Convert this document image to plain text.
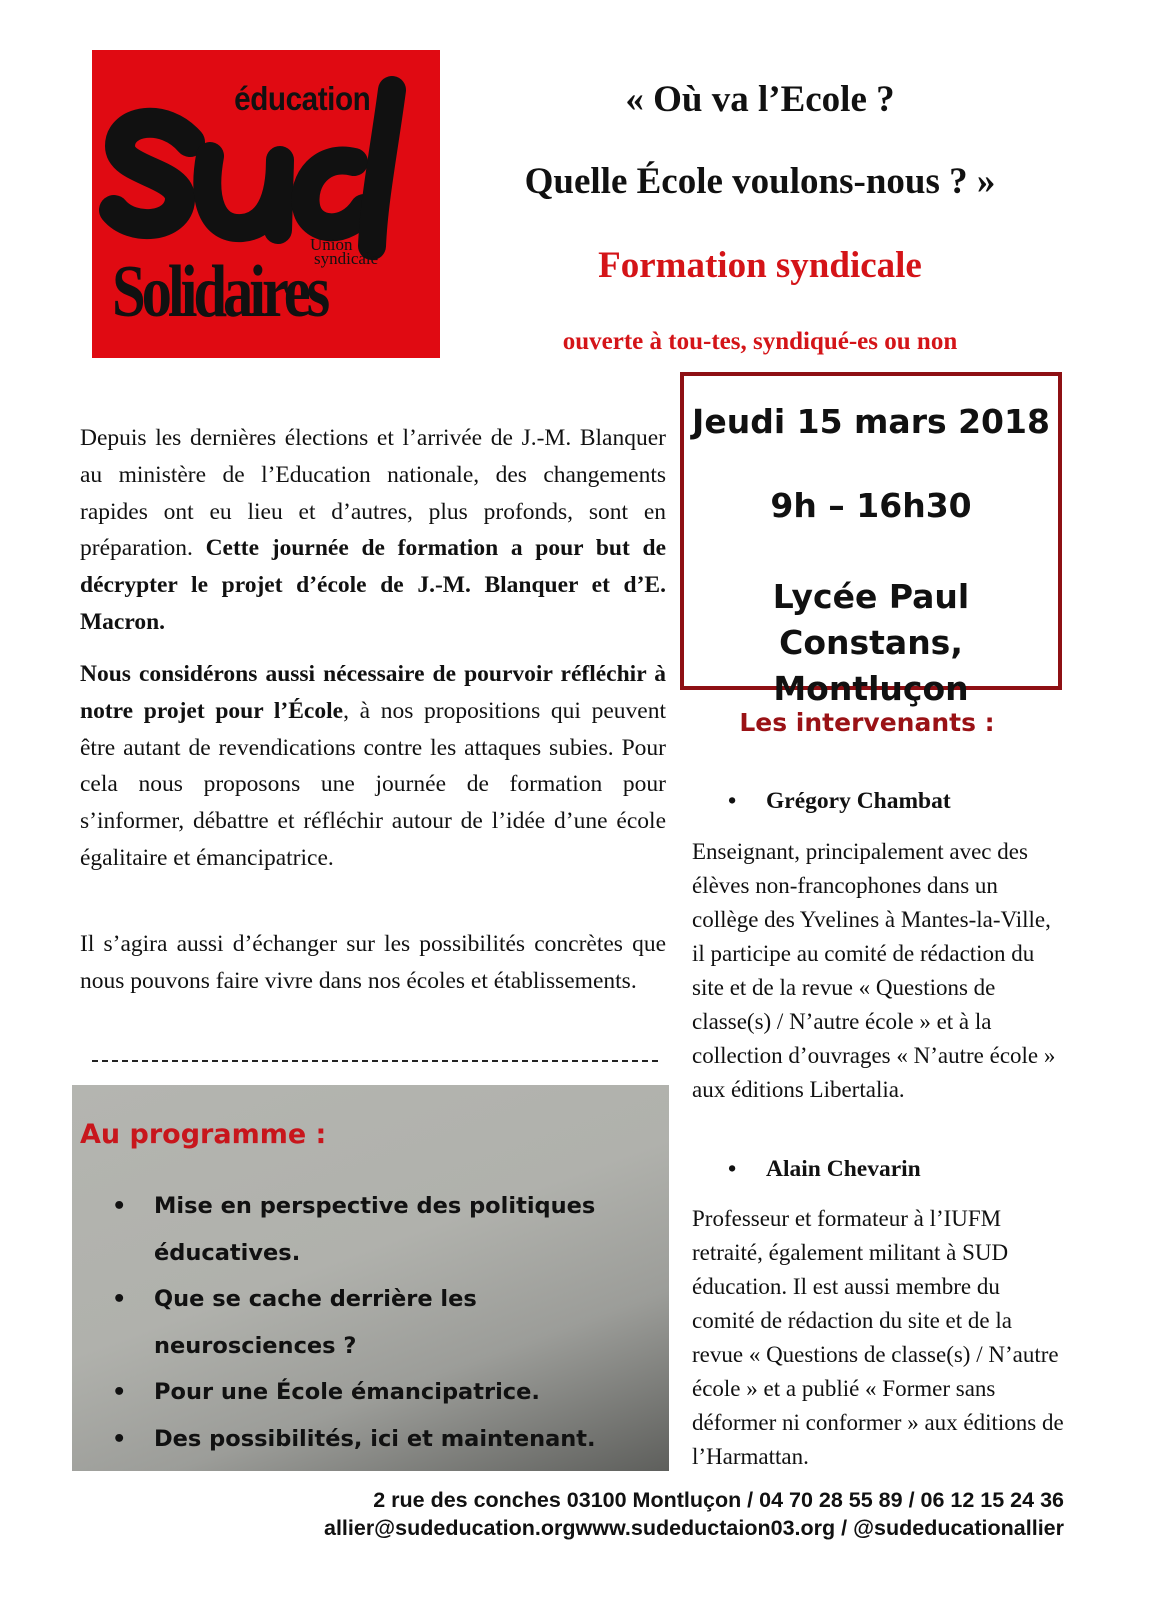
éducation
Union
syndicale
Solidaires
« Où va l’Ecole ?
Quelle École voulons-nous ? »
Formation syndicale
ouverte à tou-tes, syndiqué-es ou non
Jeudi 15 mars 2018
9h – 16h30
Lycée Paul Constans,
Montluçon

Depuis les dernières élections et l’arrivée de J.-M. Blanquer au ministère de l’Education nationale, des changements rapides ont eu lieu et d’autres, plus profonds, sont en préparation. Cette journée de formation a pour but de décrypter le projet d’école de J.-M. Blanquer et d’E. Macron.

Nous considérons aussi nécessaire de pourvoir réfléchir à notre projet pour l’École, à nos propositions qui peuvent être autant de revendications contre les attaques subies. Pour cela nous proposons une journée de formation pour s’informer, débattre et réfléchir autour de l’idée d’une école égalitaire et émancipatrice.

Il s’agira aussi d’échanger sur les possibilités concrètes que nous pouvons faire vivre dans nos écoles et établissements.

Au programme :
• Mise en perspective des politiques éducatives.
• Que se cache derrière les neurosciences ?
• Pour une École émancipatrice.
• Des possibilités, ici et maintenant.
Les intervenants :
• Grégory Chambat

Enseignant, principalement avec des élèves non-francophones dans un collège des Yvelines à Mantes-la-Ville, il participe au comité de rédaction du site et de la revue « Questions de classe(s) / N’autre école » et à la collection d’ouvrages « N’autre école » aux éditions Libertalia.

• Alain Chevarin

Professeur et formateur à l’IUFM retraité, également militant à SUD éducation. Il est aussi membre du comité de rédaction du site et de la revue « Questions de classe(s) / N’autre école » et a publié « Former sans déformer ni conformer » aux éditions de l’Harmattan.

2 rue des conches 03100 Montluçon / 04 70 28 55 89 / 06 12 15 24 36
allier@sudeducation.orgwww.sudeductaion03.org / @sudeducationallier
